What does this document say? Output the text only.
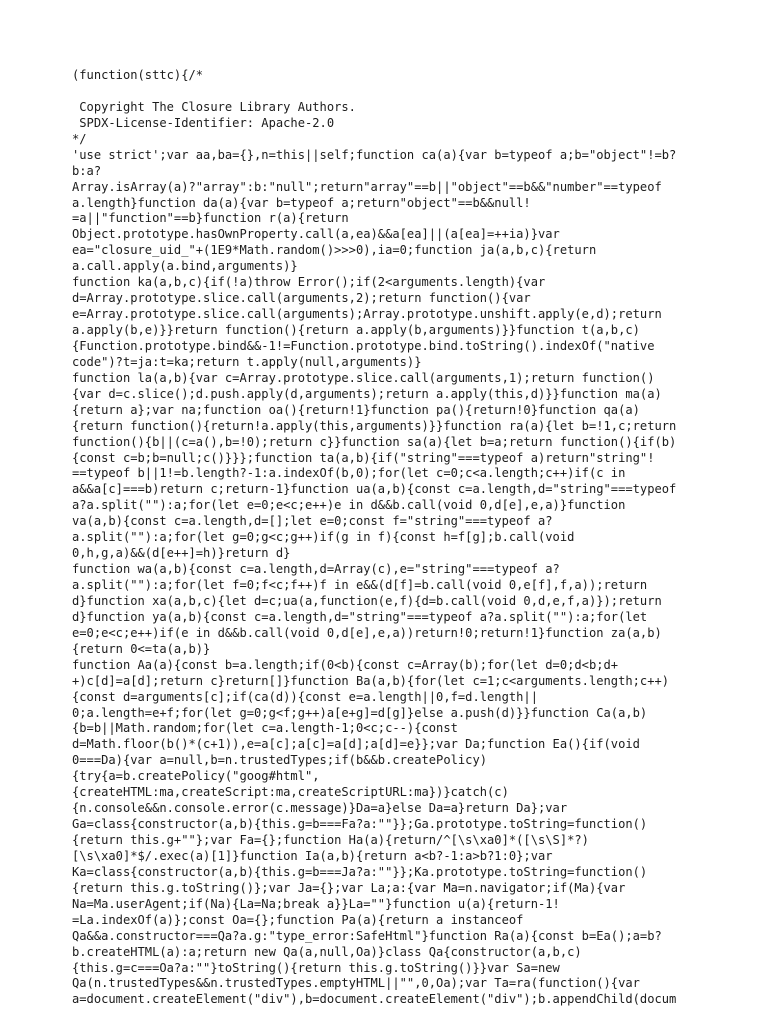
(function(sttc){/*
Copyright The Closure Library Authors.
SPDX-License-Identifier: Apache-2.0
*/
'use strict';var aa,ba={},n=this||self;function ca(a){var b=typeof a;b="object"!=b?
b:a?
Array.isArray(a)?"array":b:"null";return"array"==b||"object"==b&&"number"==typeof
a.length}function da(a){var b=typeof a;return"object"==b&&null!
=a||"function"==b}function r(a){return
Object.prototype.hasOwnProperty.call(a,ea)&&a[ea]||(a[ea]=++ia)}var
ea="closure_uid_"+(1E9*Math.random()>>>0),ia=0;function ja(a,b,c){return
a.call.apply(a.bind,arguments)}
function ka(a,b,c){if(!a)throw Error();if(2<arguments.length){var
d=Array.prototype.slice.call(arguments,2);return function(){var
e=Array.prototype.slice.call(arguments);Array.prototype.unshift.apply(e,d);return
a.apply(b,e)}}return function(){return a.apply(b,arguments)}}function t(a,b,c)
{Function.prototype.bind&&-1!=Function.prototype.bind.toString().indexOf("native
code")?t=ja:t=ka;return t.apply(null,arguments)}
function la(a,b){var c=Array.prototype.slice.call(arguments,1);return function()
{var d=c.slice();d.push.apply(d,arguments);return a.apply(this,d)}}function ma(a)
{return a};var na;function oa(){return!1}function pa(){return!0}function qa(a)
{return function(){return!a.apply(this,arguments)}}function ra(a){let b=!1,c;return
function(){b||(c=a(),b=!0);return c}}function sa(a){let b=a;return function(){if(b)
{const c=b;b=null;c()}}};function ta(a,b){if("string"===typeof a)return"string"!
==typeof b||1!=b.length?-1:a.indexOf(b,0);for(let c=0;c<a.length;c++)if(c in
a&&a[c]===b)return c;return-1}function ua(a,b){const c=a.length,d="string"===typeof
a?a.split(""):a;for(let e=0;e<c;e++)e in d&&b.call(void 0,d[e],e,a)}function
va(a,b){const c=a.length,d=[];let e=0;const f="string"===typeof a?
a.split(""):a;for(let g=0;g<c;g++)if(g in f){const h=f[g];b.call(void
0,h,g,a)&&(d[e++]=h)}return d}
function wa(a,b){const c=a.length,d=Array(c),e="string"===typeof a?
a.split(""):a;for(let f=0;f<c;f++)f in e&&(d[f]=b.call(void 0,e[f],f,a));return
d}function xa(a,b,c){let d=c;ua(a,function(e,f){d=b.call(void 0,d,e,f,a)});return
d}function ya(a,b){const c=a.length,d="string"===typeof a?a.split(""):a;for(let
e=0;e<c;e++)if(e in d&&b.call(void 0,d[e],e,a))return!0;return!1}function za(a,b)
{return 0<=ta(a,b)}
function Aa(a){const b=a.length;if(0<b){const c=Array(b);for(let d=0;d<b;d+
+)c[d]=a[d];return c}return[]}function Ba(a,b){for(let c=1;c<arguments.length;c++)
{const d=arguments[c];if(ca(d)){const e=a.length||0,f=d.length||
0;a.length=e+f;for(let g=0;g<f;g++)a[e+g]=d[g]}else a.push(d)}}function Ca(a,b)
{b=b||Math.random;for(let c=a.length-1;0<c;c--){const
d=Math.floor(b()*(c+1)),e=a[c];a[c]=a[d];a[d]=e}};var Da;function Ea(){if(void
0===Da){var a=null,b=n.trustedTypes;if(b&&b.createPolicy)
{try{a=b.createPolicy("goog#html",
{createHTML:ma,createScript:ma,createScriptURL:ma})}catch(c)
{n.console&&n.console.error(c.message)}Da=a}else Da=a}return Da};var
Ga=class{constructor(a,b){this.g=b===Fa?a:""}};Ga.prototype.toString=function()
{return this.g+""};var Fa={};function Ha(a){return/^[\s\xa0]*([\s\S]*?)
[\s\xa0]*$/.exec(a)[1]}function Ia(a,b){return a<b?-1:a>b?1:0};var
Ka=class{constructor(a,b){this.g=b===Ja?a:""}};Ka.prototype.toString=function()
{return this.g.toString()};var Ja={};var La;a:{var Ma=n.navigator;if(Ma){var
Na=Ma.userAgent;if(Na){La=Na;break a}}La=""}function u(a){return-1!
=La.indexOf(a)};const Oa={};function Pa(a){return a instanceof
Qa&&a.constructor===Qa?a.g:"type_error:SafeHtml"}function Ra(a){const b=Ea();a=b?
b.createHTML(a):a;return new Qa(a,null,Oa)}class Qa{constructor(a,b,c)
{this.g=c===Oa?a:""}toString(){return this.g.toString()}}var Sa=new
Qa(n.trustedTypes&&n.trustedTypes.emptyHTML||"",0,Oa);var Ta=ra(function(){var
a=document.createElement("div"),b=document.createElement("div");b.appendChild(docum
